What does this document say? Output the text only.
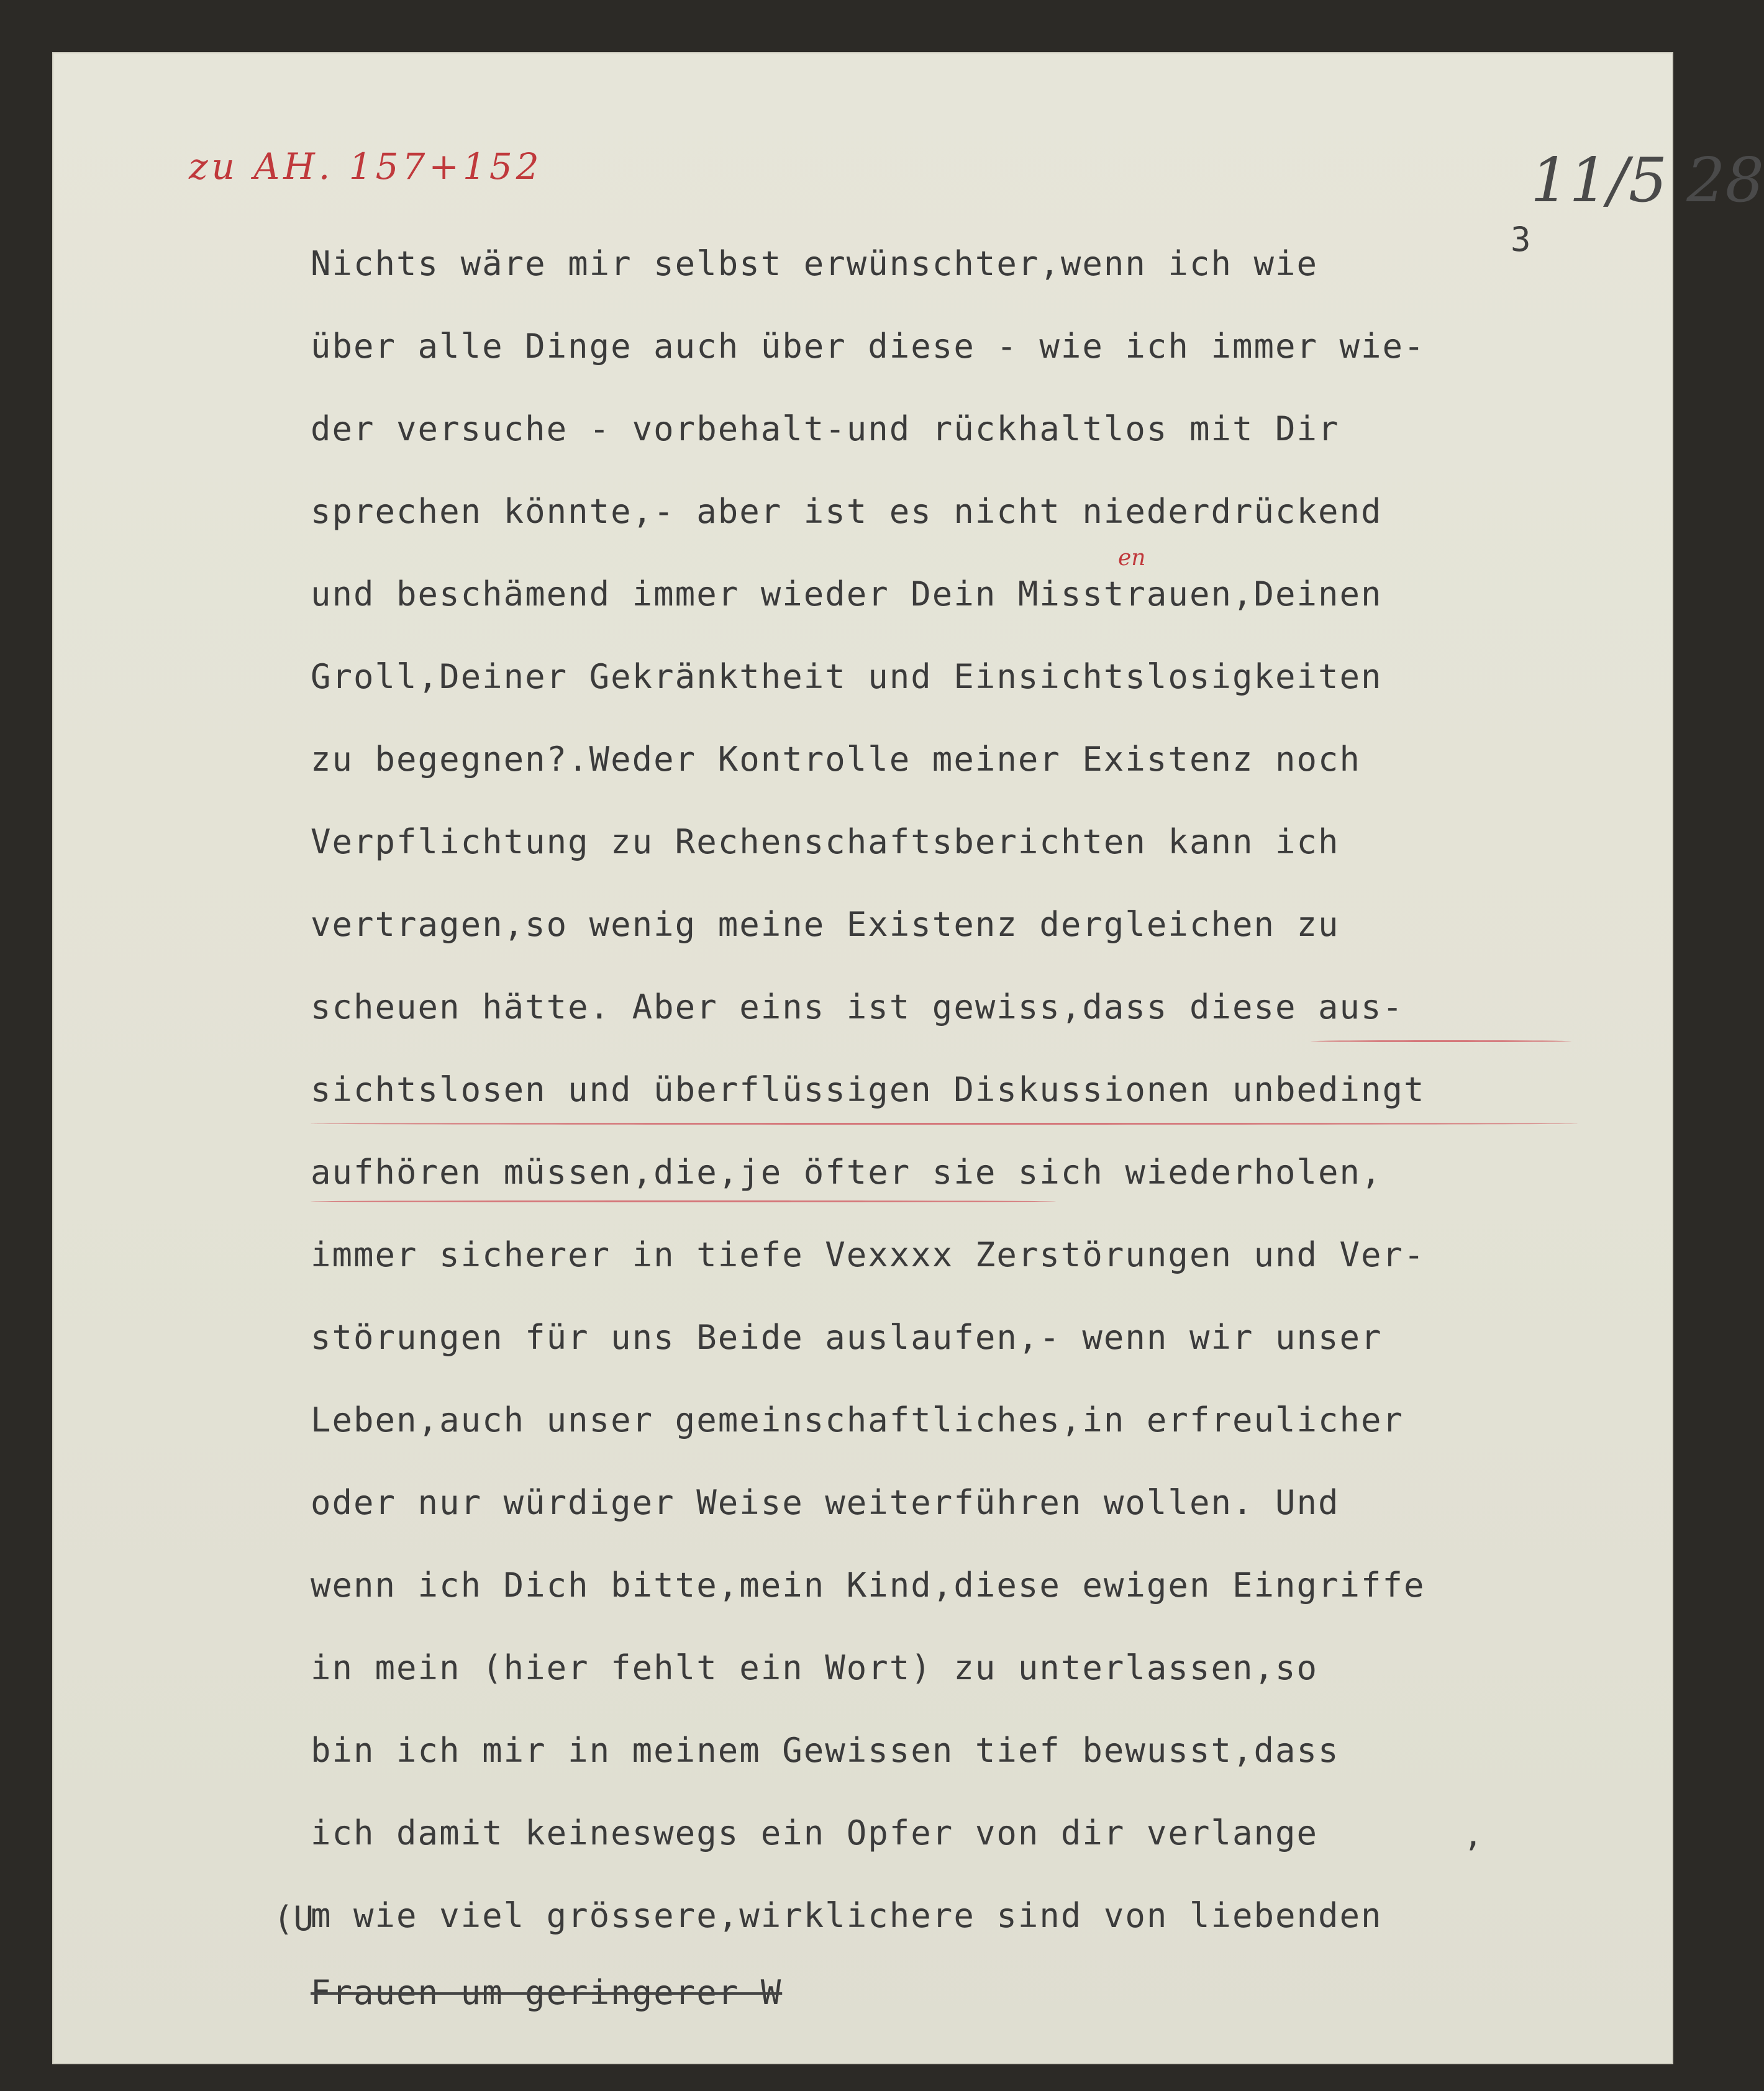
zu AH. 157+152	11/5 28
3
Nichts wäre mir selbst erwünschter,wenn ich wie
über alle Dinge auch über diese - wie ich immer wie-
der versuche - vorbehalt-und rückhaltlos mit Dir
sprechen könnte,- aber ist es nicht niederdrückend
und beschämend immer wieder Dein Misstrauen,Deinen
Groll,Deiner Gekränktheit und Einsichtslosigkeiten
zu begegnen?.Weder Kontrolle meiner Existenz noch
Verpflichtung zu Rechenschaftsberichten kann ich
vertragen,so wenig meine Existenz dergleichen zu
scheuen hätte. Aber eins ist gewiss,dass diese aus-
sichtslosen und überflüssigen Diskussionen unbedingt
aufhören müssen,die,je öfter sie sich wiederholen,
immer sicherer in tiefe Vexxxx Zerstörungen und Ver-
störungen für uns Beide auslaufen,- wenn wir unser
Leben,auch unser gemeinschaftliches,in erfreulicher
oder nur würdiger Weise weiterführen wollen. Und
wenn ich Dich bitte,mein Kind,diese ewigen Eingriffe
in mein (hier fehlt ein Wort) zu unterlassen,so
bin ich mir in meinem Gewissen tief bewusst,dass
ich damit keineswegs ein Opfer von dir verlange
m wie viel grössere,wirklichere sind von liebenden
Frauen um geringerer W
(U
,
en
